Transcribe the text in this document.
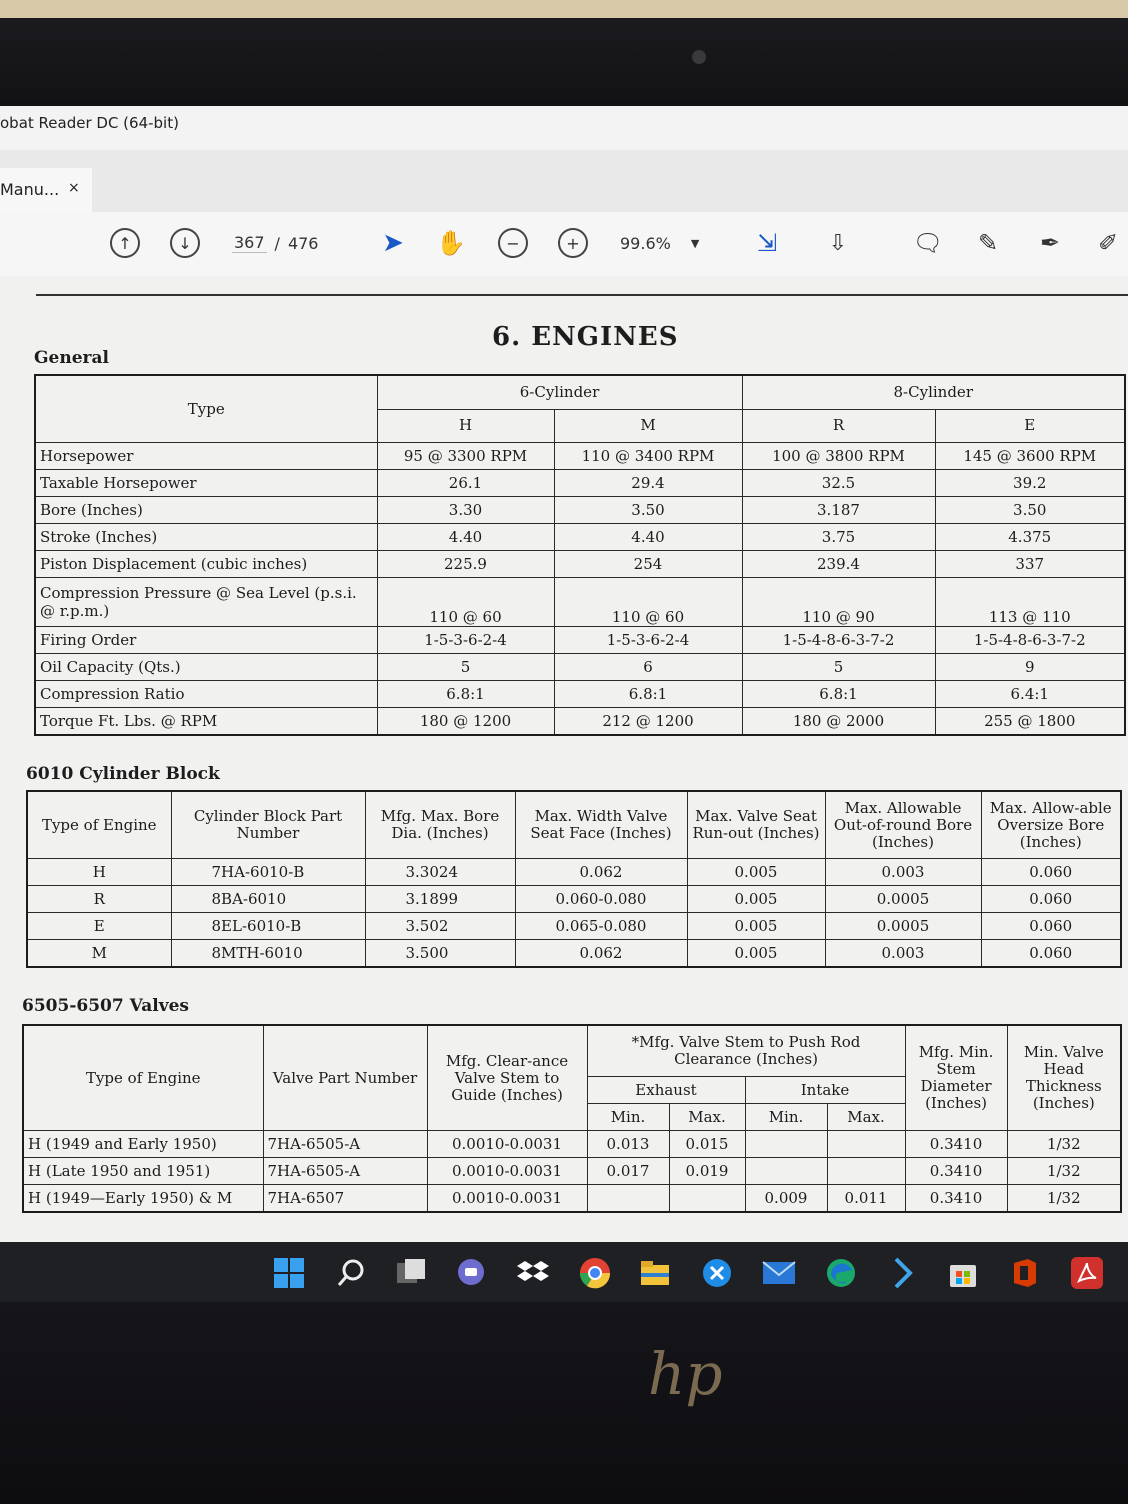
obat Reader DC (64-bit)
Manu... ×
↑	↓	367 / 476 ➤ ✋	−	+	99.6% ▼ ⇲ ⇩	🗨 ✎ ✒ ✐
6. ENGINES
General
Type	6-Cylinder		8-Cylinder	
	H	M	R	E
Horsepower	95 @ 3300 RPM	110 @ 3400 RPM	100 @ 3800 RPM	145 @ 3600 RPM
Taxable Horsepower	26.1	29.4	32.5	39.2
Bore (Inches)	3.30	3.50	3.187	3.50
Stroke (Inches)	4.40	4.40	3.75	4.375
Piston Displacement (cubic inches)	225.9	254	239.4	337
Compression Pressure @ Sea Level (p.s.i. @ r.p.m.)	110 @ 60	110 @ 60	110 @ 90	113 @ 110
Firing Order	1-5-3-6-2-4	1-5-3-6-2-4	1-5-4-8-6-3-7-2	1-5-4-8-6-3-7-2
Oil Capacity (Qts.)	5	6	5	9
Compression Ratio	6.8:1	6.8:1	6.8:1	6.4:1
Torque Ft. Lbs. @ RPM	180 @ 1200	212 @ 1200	180 @ 2000	255 @ 1800
6010 Cylinder Block
Type of Engine	Cylinder Block Part Number	Mfg. Max. Bore Dia. (Inches)	Max. Width Valve Seat Face (Inches)	Max. Valve Seat Run-out (Inches)	Max. Allowable Out-of-round Bore (Inches)	Max. Allow-able Oversize Bore (Inches)
H	7HA-6010-B	3.3024	0.062	0.005	0.003	0.060
R	8BA-6010	3.1899	0.060-0.080	0.005	0.0005	0.060
E	8EL-6010-B	3.502	0.065-0.080	0.005	0.0005	0.060
M	8MTH-6010	3.500	0.062	0.005	0.003	0.060
6505-6507 Valves
Type of Engine	Valve Part Number	Mfg. Clear-ance Valve Stem to Guide (Inches)	*Mfg. Valve Stem to Push Rod Clearance (Inches)				Mfg. Min. Stem Diameter (Inches)	Min. Valve Head Thickness (Inches)
			Exhaust		Intake			
			Min.	Max.	Min.	Max.		
H (1949 and Early 1950)	7HA-6505-A	0.0010-0.0031	0.013	0.015			0.3410	1/32
H (Late 1950 and 1951)	7HA-6505-A	0.0010-0.0031	0.017	0.019			0.3410	1/32
H (1949—Early 1950) & M	7HA-6507	0.0010-0.0031			0.009	0.011	0.3410	1/32
hp
